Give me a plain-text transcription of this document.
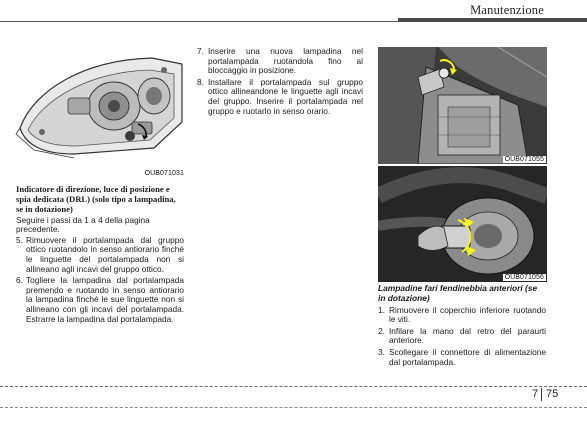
Manutenzione
OUB071031

Indicatore di direzione, luce di posizione e spia dedicata (DRL) (solo tipo a lampadina, se in dotazione)

Seguire i passi da 1 a 4 della pagina precedente.

5. Rimuovere il portalampada dal gruppo ottico ruotandolo in senso antiorario finché le linguette del portalampada non si allineano agli incavi del gruppo ottico.
6. Togliere la lampadina dal portalampada premendo e ruotando in senso antiorario la lampadina finché le sue linguette non si allineano con gli incavi del portalampada. Estrarre la lampadina dal portalampada.
7. Inserire una nuova lampadina nel portalampada ruotandola fino al bloccaggio in posizione.
8. Installare il portalampada sul gruppo ottico allineandone le linguette agli incavi del gruppo. Inserire il portalampada nel gruppo e ruotarlo in senso orario.
OUB071055
OUB071056

Lampadine fari fendinebbia anteriori (se in dotazione)

1. Rimuovere il coperchio inferiore ruotando le viti.
2. Infilare la mano dal retro del paraurti anteriore.
3. Scollegare il connettore di alimentazione dal portalampada.
7 75
